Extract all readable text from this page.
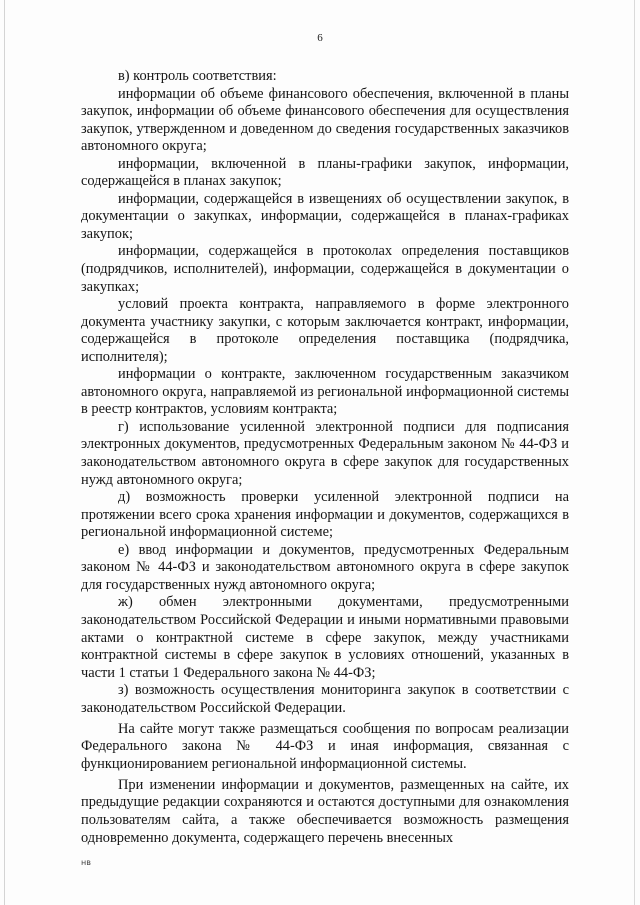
6

в) контроль соответствия:

информации об объеме финансового обеспечения, включенной в планы закупок, информации об объеме финансового обеспечения для осуществления закупок, утвержденном и доведенном до сведения государственных заказчиков автономного округа;

информации, включенной в планы-графики закупок, информации, содержащейся в планах закупок;

информации, содержащейся в извещениях об осуществлении закупок, в документации о закупках, информации, содержащейся в планах-графиках закупок;

информации, содержащейся в протоколах определения поставщиков (подрядчиков, исполнителей), информации, содержащейся в документации о закупках;

условий проекта контракта, направляемого в форме электронного документа участнику закупки, с которым заключается контракт, информации, содержащейся в протоколе определения поставщика (подрядчика, исполнителя);

информации о контракте, заключенном государственным заказчиком автономного округа, направляемой из региональной информационной системы в реестр контрактов, условиям контракта;

г) использование усиленной электронной подписи для подписания электронных документов, предусмотренных Федеральным законом № 44-ФЗ и законодательством автономного округа в сфере закупок для государственных нужд автономного округа;

д) возможность проверки усиленной электронной подписи на протяжении всего срока хранения информации и документов, содержащихся в региональной информационной системе;

е) ввод информации и документов, предусмотренных Федеральным законом № 44-ФЗ и законодательством автономного округа в сфере закупок для государственных нужд автономного округа;

ж) обмен электронными документами, предусмотренными законодательством Российской Федерации и иными нормативными правовыми актами о контрактной системе в сфере закупок, между участниками контрактной системы в сфере закупок в условиях отношений, указанных в части 1 статьи 1 Федерального закона № 44-ФЗ;

з) возможность осуществления мониторинга закупок в соответствии с законодательством Российской Федерации.

На сайте могут также размещаться сообщения по вопросам реализации Федерального закона № 44-ФЗ и иная информация, связанная с функционированием региональной информационной системы.

При изменении информации и документов, размещенных на сайте, их предыдущие редакции сохраняются и остаются доступными для ознакомления пользователям сайта, а также обеспечивается возможность размещения одновременно документа, содержащего перечень внесенных

нв
